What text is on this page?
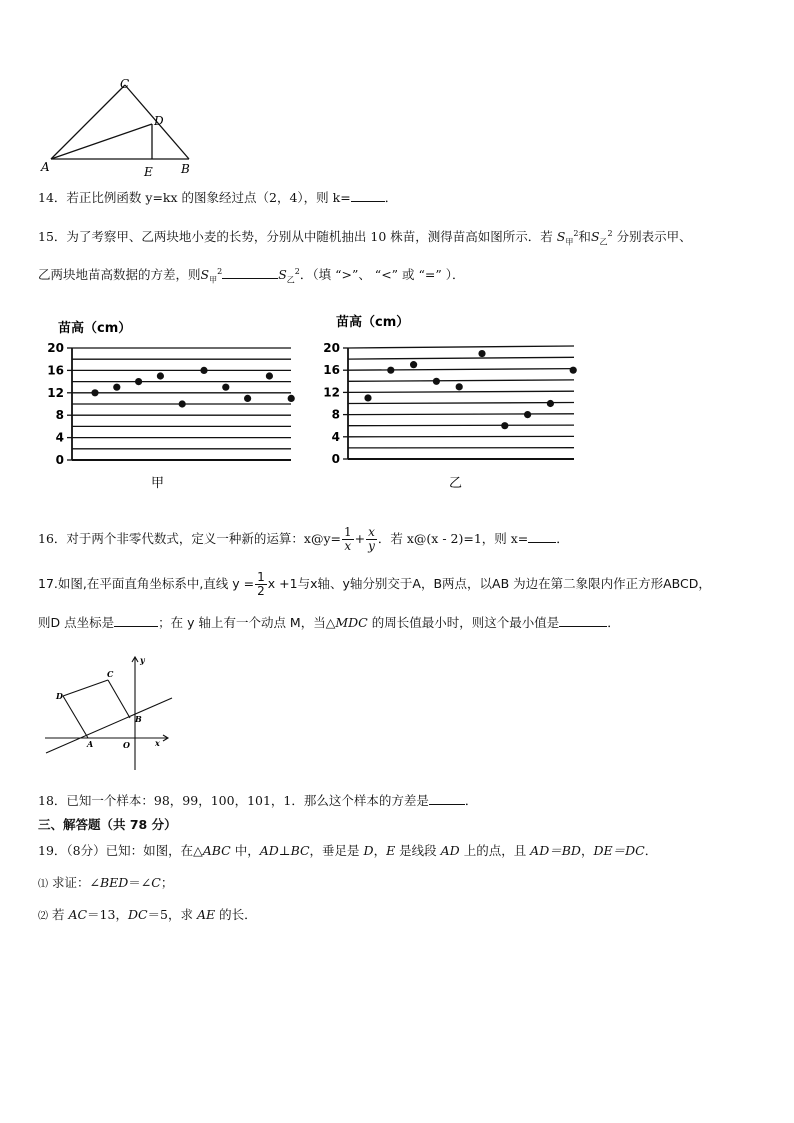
C
D
A	E B
14．若正比例函数 y=kx 的图象经过点（2，4），则 k=	．
15．为了考察甲、乙两块地小麦的长势，分别从中随机抽出 10 株苗，测得苗高如图所示．若 $S_甲^2$和$S_乙^2$ 分别表示甲、
乙两块地苗高数据的方差，则$S_甲^2$	$S_乙^2$．（填 “>”、 “<” 或 “=” ）．
苗高（cm）
0
4
8
12
16
20
甲
苗高（cm）
0
4
8
12
16
20
乙
16．对于两个非零代数式，定义一种新的运算：x@y= $\frac{1}{x} + \frac{x}{y}$ ．若 x@(x - 2)=1，则 x= ．
17.如图,在平面直角坐标系中,直线 $y = \frac{1}{2}$ x +1与x轴、y轴分别交于A，B两点，以AB 为边在第二象限内作正方形ABCD，
则D 点坐标是	；在 y 轴上有一个动点 M，当△MDC 的周长值最小时，则这个最小值是	．
y
C
D
B
A	O	x
18．已知一个样本：98，99，100，101，1．那么这个样本的方差是	．
三、解答题（共 78 分）
19．（8分）已知：如图，在△ABC 中，AD⊥BC，垂足是 D，E 是线段 AD 上的点，且 AD＝BD，DE＝DC．
⑴ 求证：∠BED＝∠C；
⑵ 若 AC＝13，DC＝5，求 AE 的长．
